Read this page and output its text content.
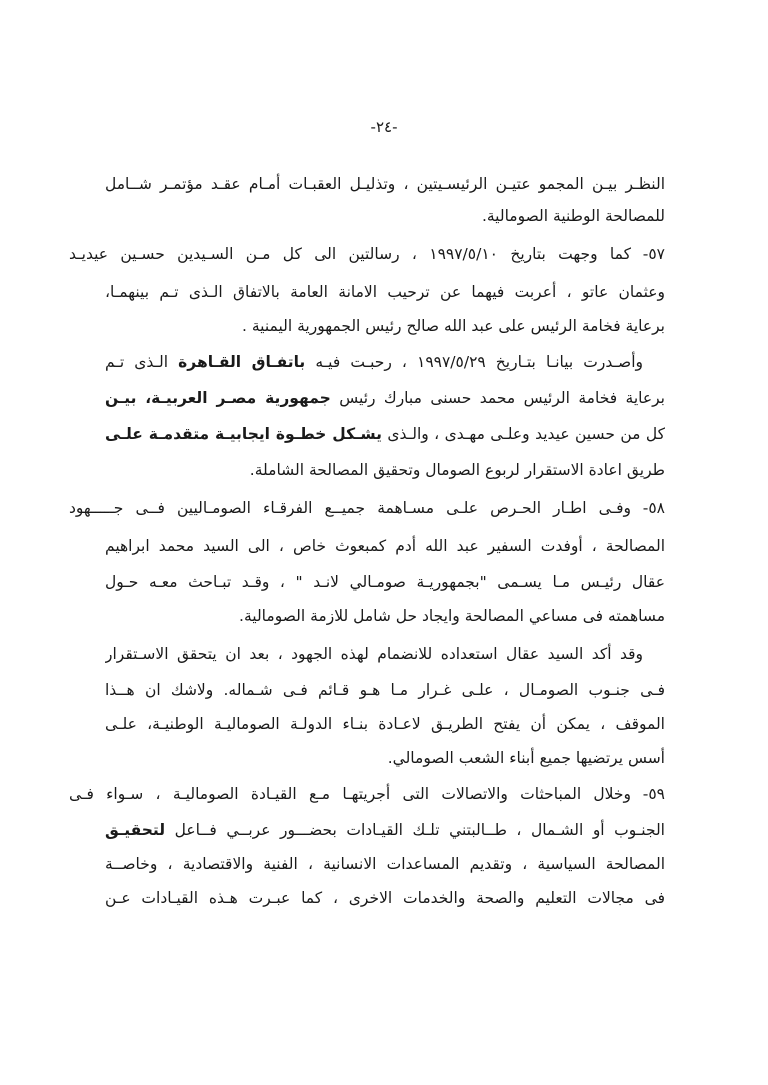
-٢٤-
النظـر بيـن المجمو عتيـن الرئيسـيتين ، وتذليـل العقبـات أمـام عقـد مؤتمـر شــامل
للمصالحة الوطنية الصومالية.
٥٧-كما وجهت بتاريخ ١٩٩٧/٥/١٠ ، رسالتين الى كل مـن السـيدين حسـين عيديـد
وعثمان عاتو ، أعربت فيهما عن ترحيب الامانة العامة بالاتفاق الـذى تـم بينهمـا،
برعاية فخامة الرئيس على عبد الله صالح رئيس الجمهورية اليمنية .
وأصـدرت بيانـا بتـاريخ ١٩٩٧/٥/٢٩ ، رحبـت فيـه باتفـاق القـاهرة الـذى تـم
برعاية فخامة الرئيس محمد حسنى مبارك رئيس جمهورية مصـر العربيـة، بيـن
كل من حسين عيديد وعلـى مهـدى ، والـذى يشـكل خطـوة ايجابيـة متقدمـة علـى
طريق اعادة الاستقرار لربوع الصومال وتحقيق المصالحة الشاملة.
٥٨-وفـى اطـار الحـرص علـى مسـاهمة جميــع الفرقـاء الصومـاليين فــى جـــــهود
المصالحة ، أوفدت السفير عبد الله أدم كمبعوث خاص ، الى السيد محمد ابراهيم
عقال رئيـس مـا يسـمى "بجمهوريـة صومـالي لانـد " ، وقـد تبـاحث معـه حـول
مساهمته فى مساعي المصالحة وايجاد حل شامل للازمة الصومالية.
وقد أكد السيد عقال استعداده للانضمام لهذه الجهود ، بعد ان يتحقق الاسـتقرار
فـى جنـوب الصومـال ، علـى غـرار مـا هـو قـائم فـى شـماله. ولاشك ان هــذا
الموقف ، يمكن أن يفتح الطريـق لاعـادة بنـاء الدولـة الصوماليـة الوطنيـة، علـى
أسس يرتضيها جميع أبناء الشعب الصومالي.
٥٩-وخلال المباحثات والاتصالات التى أجريتهـا مـع القيـادة الصوماليـة ، سـواء فـى
الجنـوب أو الشـمال ، طــالبتني تلـك القيـادات بحضـــور عربــي فــاعل لتحقيـق
المصالحة السياسية ، وتقديم المساعدات الانسانية ، الفنية والاقتصادية ، وخاصــة
فى مجالات التعليم والصحة والخدمات الاخرى ، كما عبـرت هـذه القيـادات عـن
